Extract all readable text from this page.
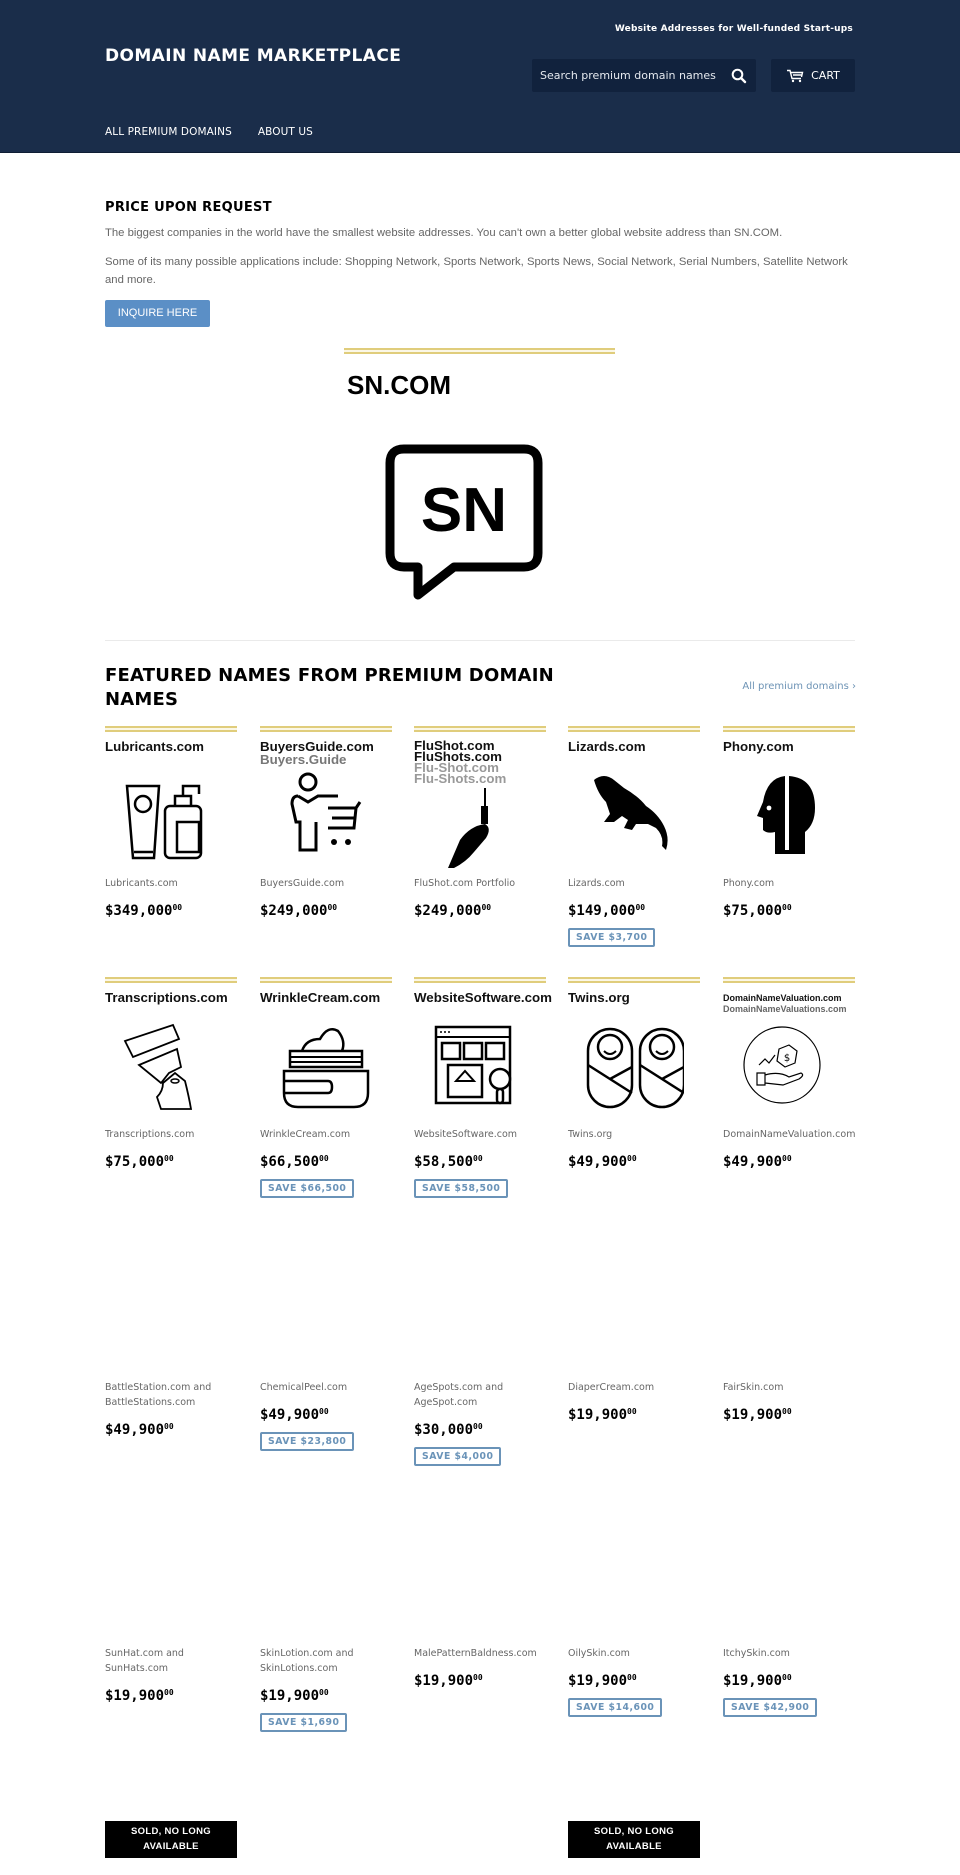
Website Addresses for Well-funded Start-ups
DOMAIN NAME MARKETPLACE
Search premium domain names
CART
ALL PREMIUM DOMAINS ABOUT US
PRICE UPON REQUEST

The biggest companies in the world have the smallest website addresses. You can't own a better global website address than SN.COM.

Some of its many possible applications include: Shopping Network, Sports Network, Sports News, Social Network, Serial Numbers, Satellite Network and more.

INQUIRE HERE
SN.COM
SN
FEATURED NAMES FROM PREMIUM DOMAIN NAMES
All premium domains ›
Lubricants.com
Lubricants.com
$349,000$^{00}$
BuyersGuide.com
Buyers.Guide
BuyersGuide.com
$249,000$^{00}$
FluShot.com
FluShots.com
Flu-Shot.com
Flu-Shots.com
FluShot.com Portfolio
$249,000$^{00}$
Lizards.com
Lizards.com
$149,000$^{00}$
SAVE $3,700
Phony.com
Phony.com
$75,000$^{00}$
Transcriptions.com
Transcriptions.com
$75,000$^{00}$
WrinkleCream.com
WrinkleCream.com
$66,500$^{00}$
SAVE $66,500
WebsiteSoftware.com
WebsiteSoftware.com
$58,500$^{00}$
SAVE $58,500
Twins.org
Twins.org
$49,900$^{00}$
DomainNameValuation.com
DomainNameValuations.com
$
DomainNameValuation.com
$49,900$^{00}$
BattleStation.com and BattleStations.com
$49,900$^{00}$
ChemicalPeel.com
$49,900$^{00}$
SAVE $23,800
AgeSpots.com and AgeSpot.com
$30,000$^{00}$
SAVE $4,000
DiaperCream.com
$19,900$^{00}$
FairSkin.com
$19,900$^{00}$
SunHat.com and SunHats.com
$19,900$^{00}$
SkinLotion.com and SkinLotions.com
$19,900$^{00}$
SAVE $1,690
MalePatternBaldness.com
$19,900$^{00}$
OilySkin.com
$19,900$^{00}$
SAVE $14,600
ItchySkin.com
$19,900$^{00}$
SAVE $42,900
SOLD, NO LONG
AVAILABLE
SOLD, NO LONG
AVAILABLE
